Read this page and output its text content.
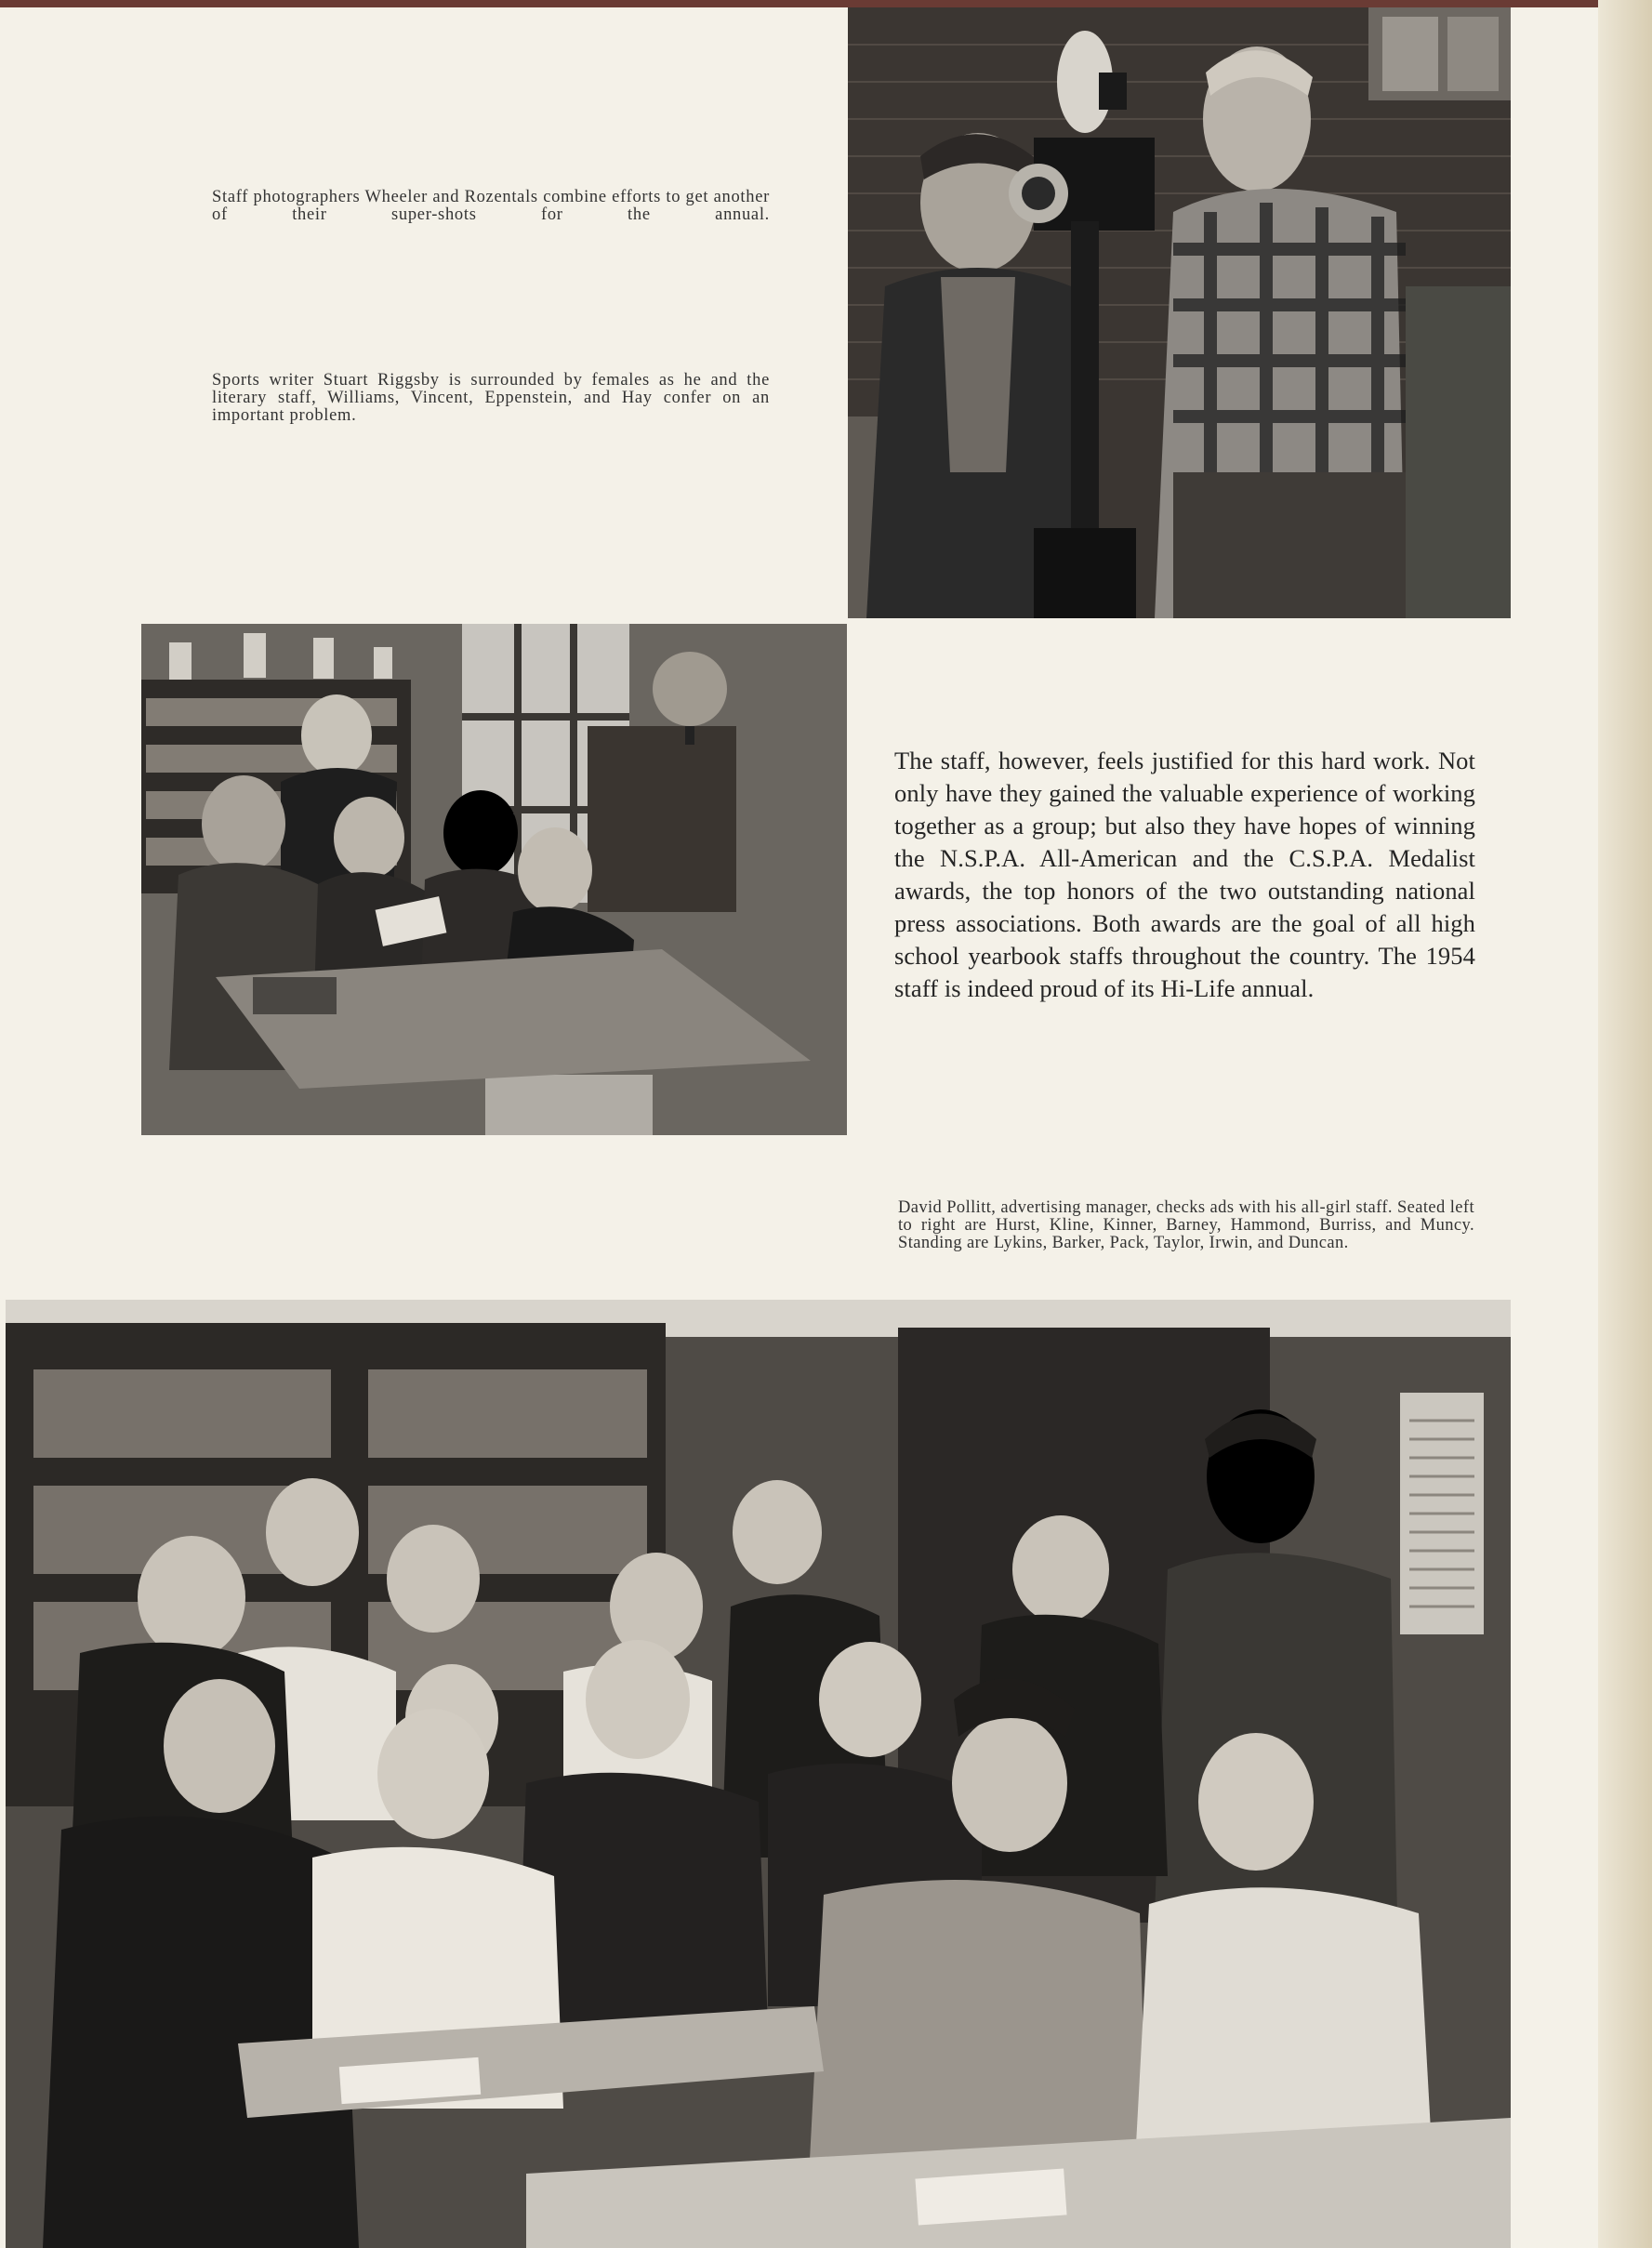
Staff photographers Wheeler and Rozentals combine efforts to get another of their super-shots for the annual.

Sports writer Stuart Riggsby is surrounded by females as he and the literary staff, Williams, Vincent, Eppenstein, and Hay confer on an important problem.

The staff, however, feels justified for this hard work. Not only have they gained the valuable experience of working together as a group; but also they have hopes of winning the N.S.P.A. All-American and the C.S.P.A. Medalist awards, the top honors of the two outstanding national press associations. Both awards are the goal of all high school yearbook staffs throughout the country. The 1954 staff is indeed proud of its Hi-Life annual.

David Pollitt, advertising manager, checks ads with his all-girl staff. Seated left to right are Hurst, Kline, Kinner, Barney, Hammond, Burriss, and Muncy. Standing are Lykins, Barker, Pack, Taylor, Irwin, and Duncan.
